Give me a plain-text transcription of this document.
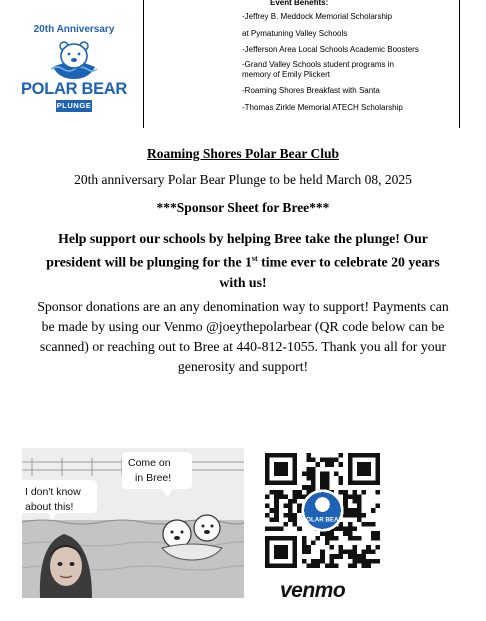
20th Anniversary
POLAR BEAR
PLUNGE
Event Benefits:
-Jeffrey B. Meddock Memorial Scholarship
at Pymatuning Valley Schools
-Jefferson Area Local Schools Academic Boosters
-Grand Valley Schools student programs in
memory of Emily Plickert
-Roaming Shores Breakfast with Santa
-Thomas Zirkle Memorial ATECH Scholarship
Roaming Shores Polar Bear Club
20th anniversary Polar Bear Plunge to be held March 08, 2025
***Sponsor Sheet for Bree***
Help support our schools by helping Bree take the plunge! Our
president will be plunging for the 1st time ever to celebrate 20 years
with us!
Sponsor donations are an any denomination way to support! Payments can
be made by using our Venmo @joeythepolarbear (QR code below can be
scanned) or reaching out to Bree at 440-812-1055. Thank you all for your
generosity and support!
Come on
in Bree!
I don't know
about this!
POLAR BEAR
venmo
